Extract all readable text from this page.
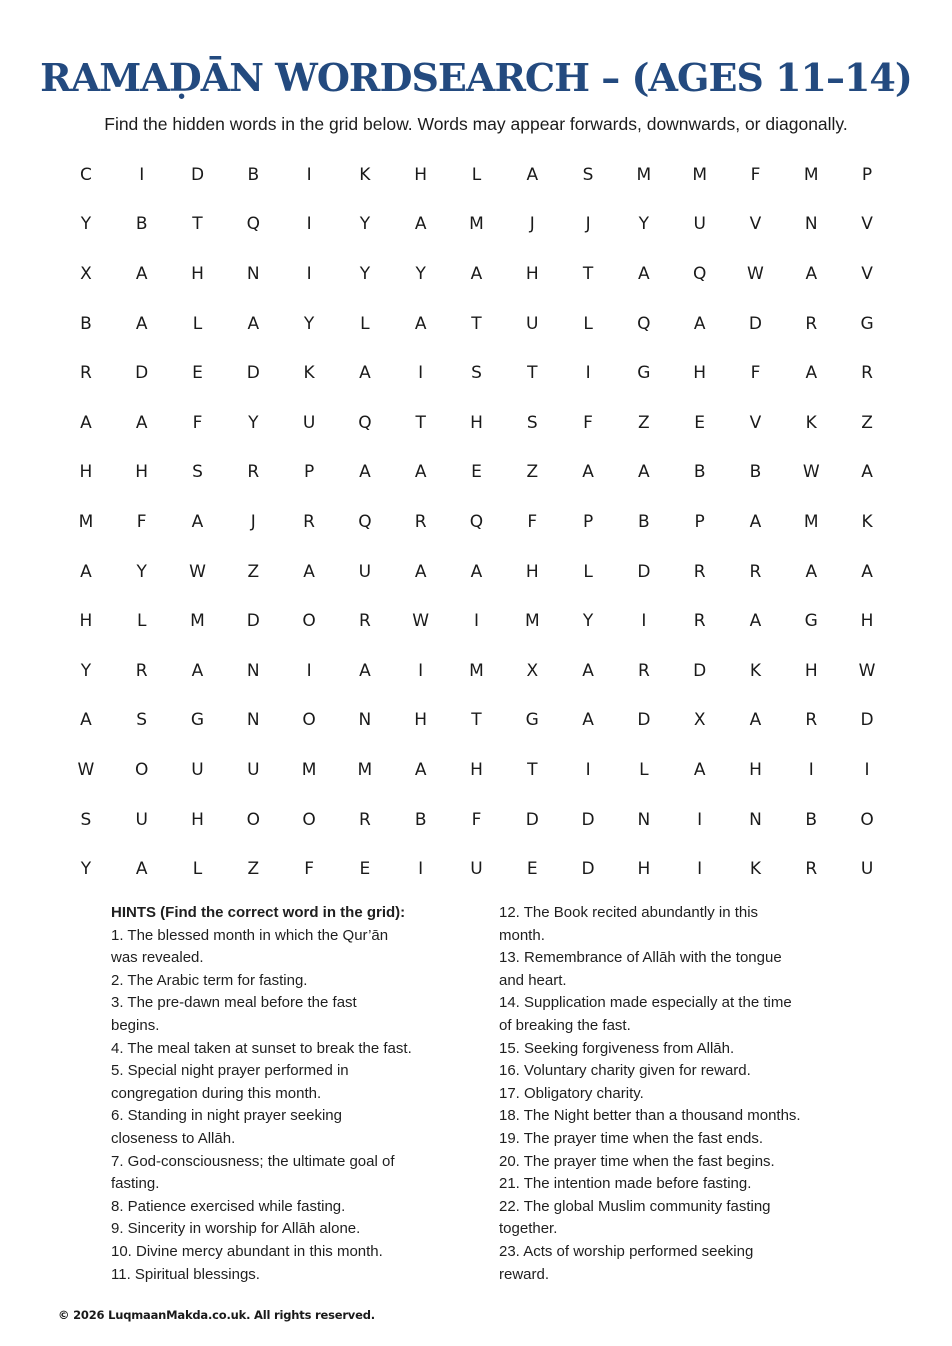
RAMAḌĀN WORDSEARCH – (AGES 11–14)

Find the hidden words in the grid below. Words may appear forwards, downwards, or diagonally.

C	I	D	B	I	K	H	L	A	S	M	M	F	M	P
Y	B	T	Q	I	Y	A	M	J	J	Y	U	V	N	V
X	A	H	N	I	Y	Y	A	H	T	A	Q	W	A	V
B	A	L	A	Y	L	A	T	U	L	Q	A	D	R	G
R	D	E	D	K	A	I	S	T	I	G	H	F	A	R
A	A	F	Y	U	Q	T	H	S	F	Z	E	V	K	Z
H	H	S	R	P	A	A	E	Z	A	A	B	B	W	A
M	F	A	J	R	Q	R	Q	F	P	B	P	A	M	K
A	Y	W	Z	A	U	A	A	H	L	D	R	R	A	A
H	L	M	D	O	R	W	I	M	Y	I	R	A	G	H
Y	R	A	N	I	A	I	M	X	A	R	D	K	H	W
A	S	G	N	O	N	H	T	G	A	D	X	A	R	D
W	O	U	U	M	M	A	H	T	I	L	A	H	I	I
S	U	H	O	O	R	B	F	D	D	N	I	N	B	O
Y	A	L	Z	F	E	I	U	E	D	H	I	K	R	U
HINTS (Find the correct word in the grid):
1. The blessed month in which the Qur’ān
was revealed.
2. The Arabic term for fasting.
3. The pre-dawn meal before the fast
begins.
4. The meal taken at sunset to break the fast.
5. Special night prayer performed in
congregation during this month.
6. Standing in night prayer seeking
closeness to Allāh.
7. God-consciousness; the ultimate goal of
fasting.
8. Patience exercised while fasting.
9. Sincerity in worship for Allāh alone.
10. Divine mercy abundant in this month.
11. Spiritual blessings.
12. The Book recited abundantly in this
month.
13. Remembrance of Allāh with the tongue
and heart.
14. Supplication made especially at the time
of breaking the fast.
15. Seeking forgiveness from Allāh.
16. Voluntary charity given for reward.
17. Obligatory charity.
18. The Night better than a thousand months.
19. The prayer time when the fast ends.
20. The prayer time when the fast begins.
21. The intention made before fasting.
22. The global Muslim community fasting
together.
23. Acts of worship performed seeking
reward.
© 2026 LuqmaanMakda.co.uk. All rights reserved.
